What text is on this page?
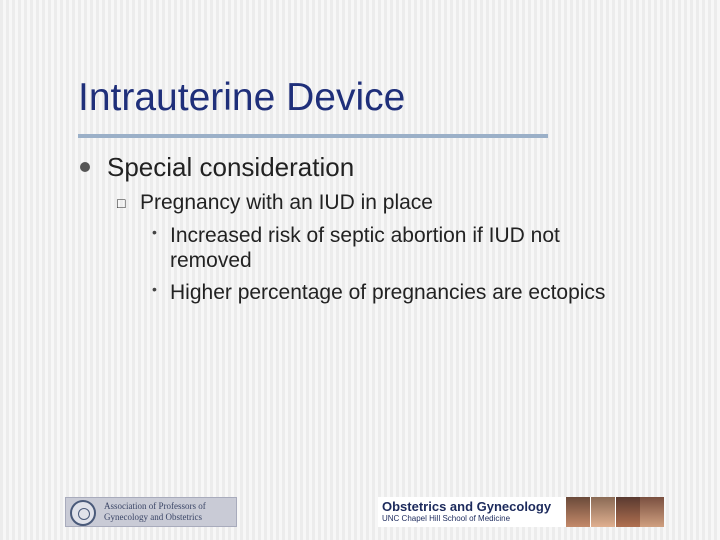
Intrauterine Device
Special consideration
□ Pregnancy with an IUD in place
• Increased risk of septic abortion if IUD not
removed
• Higher percentage of pregnancies are ectopics
Association of Professors of
Gynecology and Obstetrics
Obstetrics and Gynecology
UNC Chapel Hill School of Medicine
